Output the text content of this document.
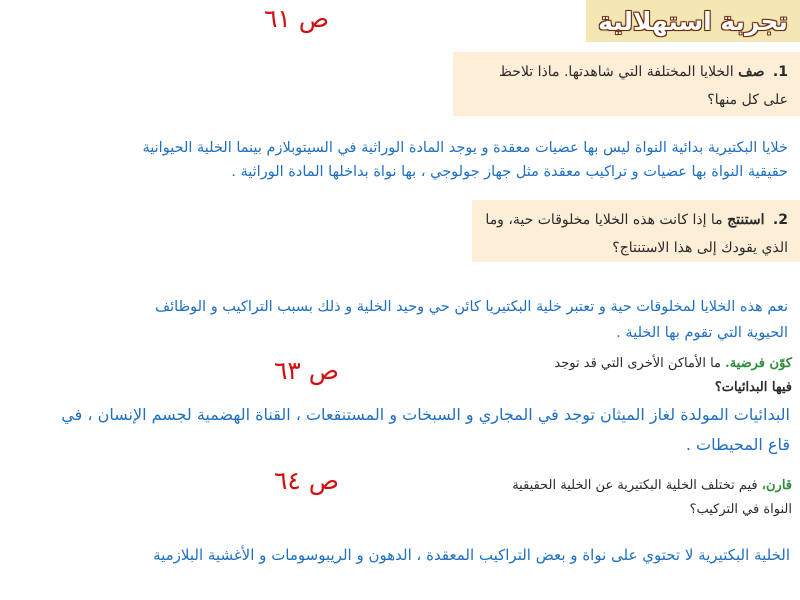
تجربة استهلالية
ص ٦١
ص ٦٣
ص ٦٤
1. صف الخلايا المختلفة التي شاهدتها. ماذا تلاحظ
على كل منها؟
خلايا البكتيرية بدائية النواة ليس بها عضيات معقدة و يوجد المادة الوراثية في السيتوبلازم بينما الخلية الحيوانية
حقيقية النواة بها عضيات و تراكيب معقدة مثل جهاز جولوجي ، بها نواة بداخلها المادة الوراثية .
2. استنتج ما إذا كانت هذه الخلايا مخلوقات حية، وما
الذي يقودك إلى هذا الاستنتاج؟
نعم هذه الخلايا لمخلوقات حية و تعتبر خلية البكتيريا كائن حي وحيد الخلية و ذلك بسبب التراكيب و الوظائف
الحيوية التي تقوم بها الخلية .
كوّن فرضية. ما الأماكن الأخرى التي قد توجد
فيها البدائيات؟
البدائيات المولدة لغاز الميثان توجد في المجاري و السبخات و المستنقعات ، القناة الهضمية لجسم الإنسان ، في
قاع المحيطات .
قارن، فيم تختلف الخلية البكتيرية عن الخلية الحقيقية
النواة في التركيب؟
الخلية البكتيرية لا تحتوي على نواة و بعض التراكيب المعقدة ، الدهون و الريبوسومات و الأغشية البلازمية
